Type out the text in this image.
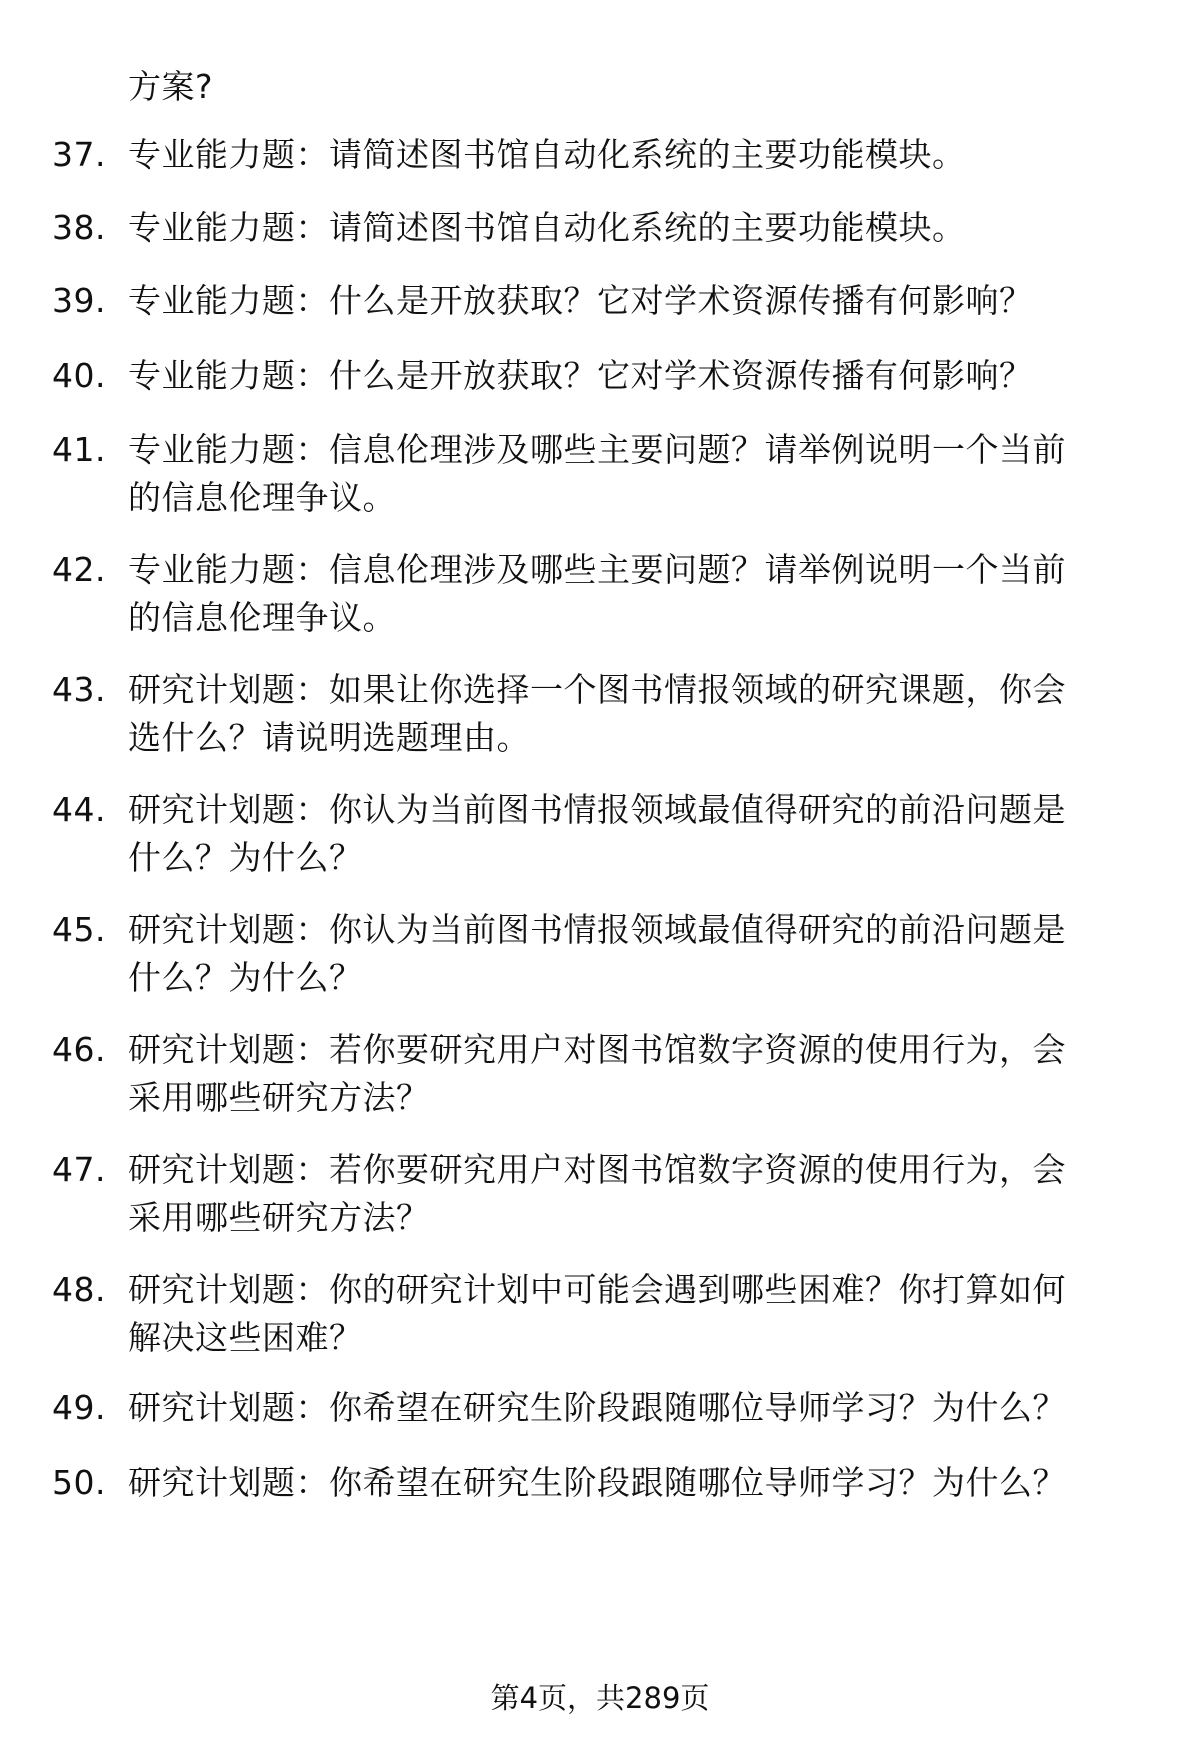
方案?
37. 专业能力题：请简述图书馆自动化系统的主要功能模块。
38. 专业能力题：请简述图书馆自动化系统的主要功能模块。
39. 专业能力题：什么是开放获取？它对学术资源传播有何影响？
40. 专业能力题：什么是开放获取？它对学术资源传播有何影响？
41. 专业能力题：信息伦理涉及哪些主要问题？请举例说明一个当前
的信息伦理争议。
42. 专业能力题：信息伦理涉及哪些主要问题？请举例说明一个当前
的信息伦理争议。
43. 研究计划题：如果让你选择一个图书情报领域的研究课题，你会
选什么？请说明选题理由。
44. 研究计划题：你认为当前图书情报领域最值得研究的前沿问题是
什么？为什么？
45. 研究计划题：你认为当前图书情报领域最值得研究的前沿问题是
什么？为什么？
46. 研究计划题：若你要研究用户对图书馆数字资源的使用行为，会
采用哪些研究方法？
47. 研究计划题：若你要研究用户对图书馆数字资源的使用行为，会
采用哪些研究方法？
48. 研究计划题：你的研究计划中可能会遇到哪些困难？你打算如何
解决这些困难？
49. 研究计划题：你希望在研究生阶段跟随哪位导师学习？为什么？
50. 研究计划题：你希望在研究生阶段跟随哪位导师学习？为什么？
第4页，共289页
